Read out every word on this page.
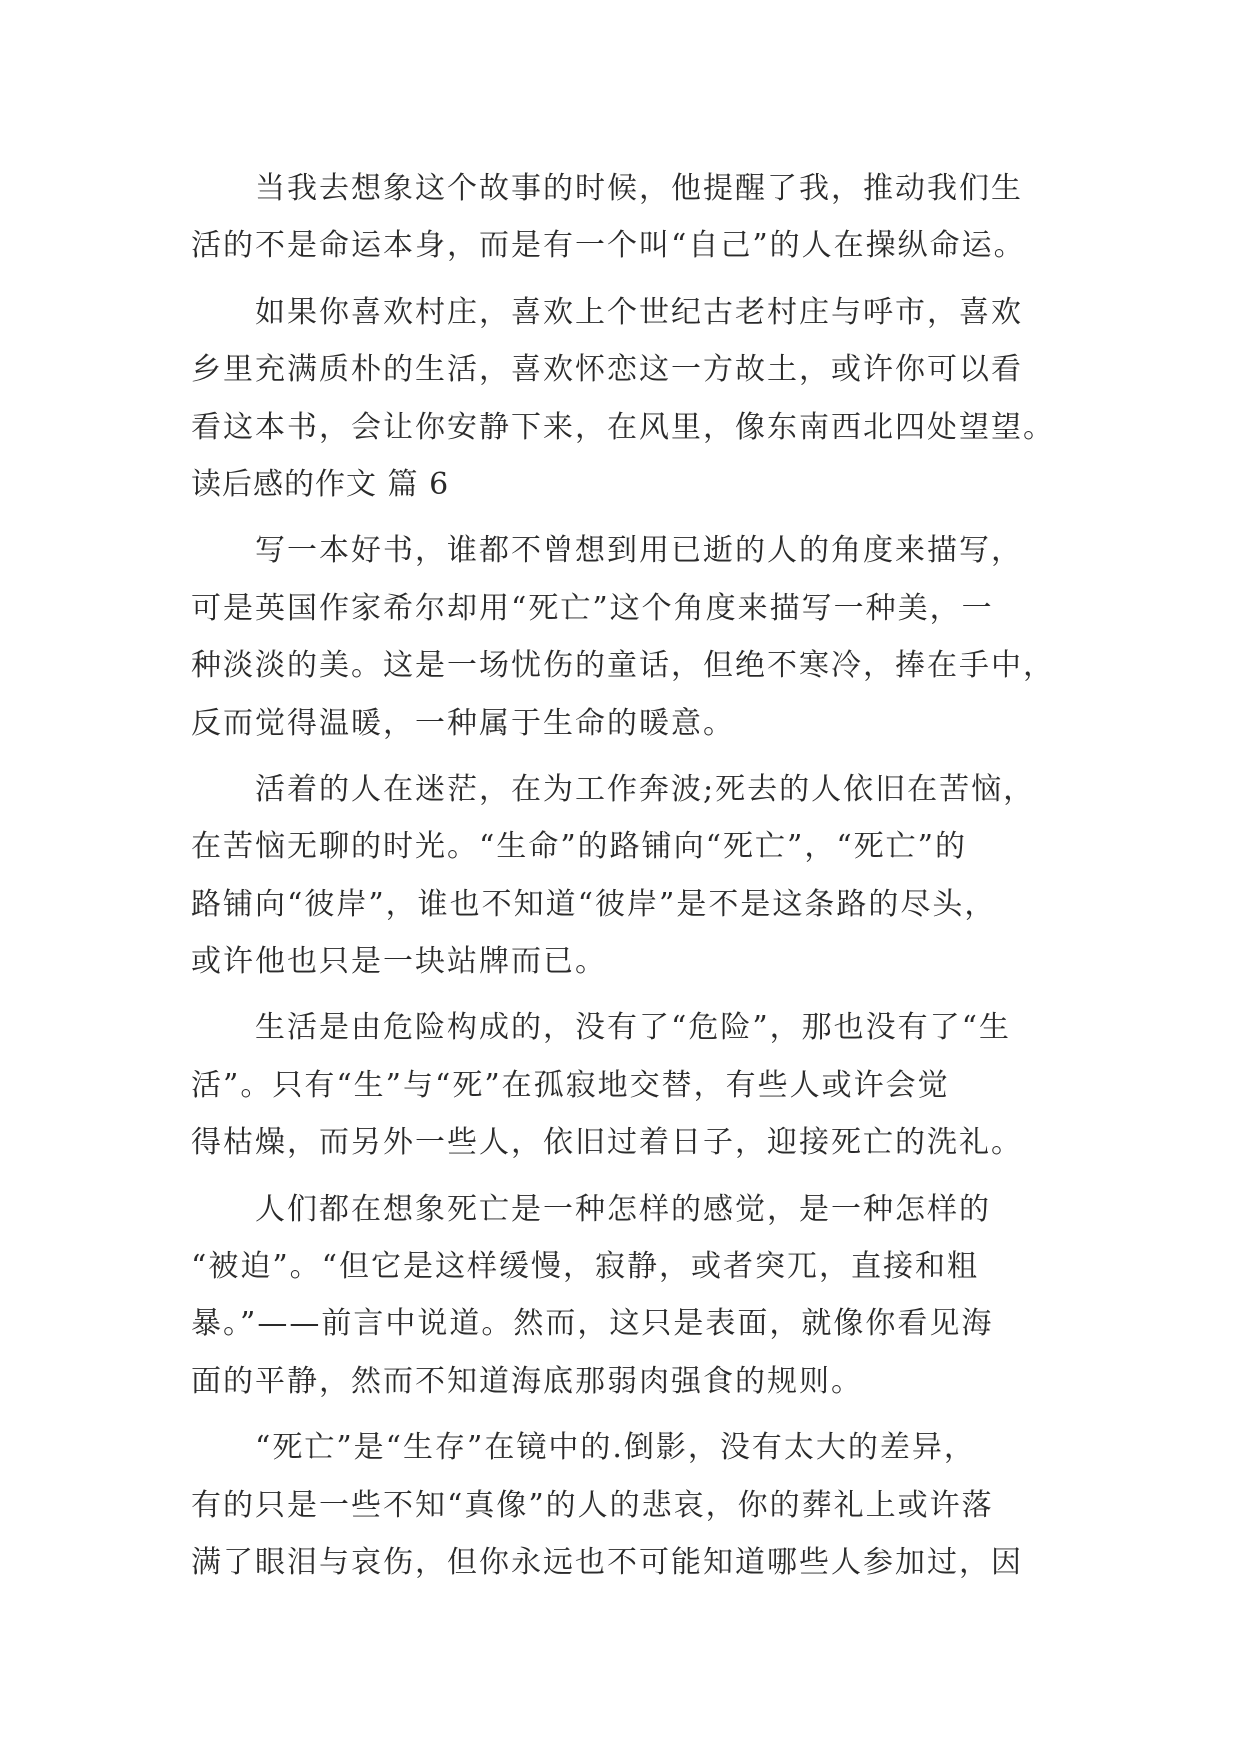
当我去想象这个故事的时候，他提醒了我，推动我们生
活的不是命运本身，而是有一个叫“自己”的人在操纵命运。
如果你喜欢村庄，喜欢上个世纪古老村庄与呼市，喜欢
乡里充满质朴的生活，喜欢怀恋这一方故土，或许你可以看
看这本书，会让你安静下来，在风里，像东南西北四处望望。
读后感的作文 篇 6
写一本好书，谁都不曾想到用已逝的人的角度来描写，
可是英国作家希尔却用“死亡”这个角度来描写一种美，一
种淡淡的美。这是一场忧伤的童话，但绝不寒冷，捧在手中，
反而觉得温暖，一种属于生命的暖意。
活着的人在迷茫，在为工作奔波;死去的人依旧在苦恼，
在苦恼无聊的时光。“生命”的路铺向“死亡”，“死亡”的
路铺向“彼岸”，谁也不知道“彼岸”是不是这条路的尽头，
或许他也只是一块站牌而已。
生活是由危险构成的，没有了“危险”，那也没有了“生
活”。只有“生”与“死”在孤寂地交替，有些人或许会觉
得枯燥，而另外一些人，依旧过着日子，迎接死亡的洗礼。
人们都在想象死亡是一种怎样的感觉，是一种怎样的
“被迫”。“但它是这样缓慢，寂静，或者突兀，直接和粗
暴。”——前言中说道。然而，这只是表面，就像你看见海
面的平静，然而不知道海底那弱肉强食的规则。
“死亡”是“生存”在镜中的.倒影，没有太大的差异，
有的只是一些不知“真像”的人的悲哀，你的葬礼上或许落
满了眼泪与哀伤，但你永远也不可能知道哪些人参加过，因
